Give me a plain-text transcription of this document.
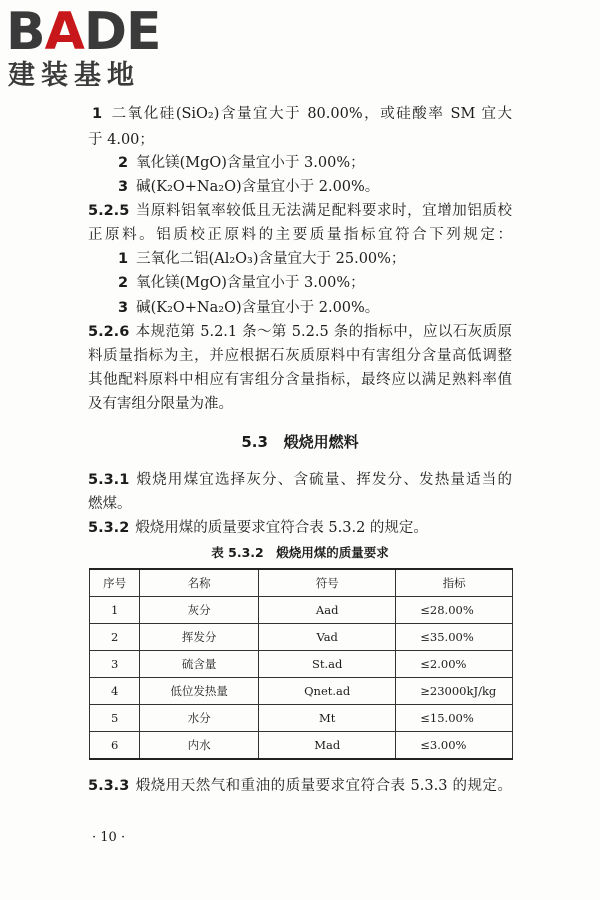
BADE
建装基地
1 二氧化硅(SiO₂)含量宜大于 80.00%，或硅酸率 SM 宜大
于 4.00；
2 氧化镁(MgO)含量宜小于 3.00%；
3 碱(K₂O+Na₂O)含量宜小于 2.00%。
5.2.5 当原料铝氧率较低且无法满足配料要求时，宜增加铝质校
正原料。铝质校正原料的主要质量指标宜符合下列规定：
1 三氧化二铝(Al₂O₃)含量宜大于 25.00%；
2 氧化镁(MgO)含量宜小于 3.00%；
3 碱(K₂O+Na₂O)含量宜小于 2.00%。
5.2.6 本规范第 5.2.1 条～第 5.2.5 条的指标中，应以石灰质原
料质量指标为主，并应根据石灰质原料中有害组分含量高低调整
其他配料原料中相应有害组分含量指标，最终应以满足熟料率值
及有害组分限量为准。
5.3 煅烧用燃料
5.3.1 煅烧用煤宜选择灰分、含硫量、挥发分、发热量适当的
燃煤。
5.3.2 煅烧用煤的质量要求宜符合表 5.3.2 的规定。
表 5.3.2　煅烧用煤的质量要求
序号	名称	符号	指标
1	灰分	Aad	≤28.00%
2	挥发分	Vad	≤35.00%
3	硫含量	St.ad	≤2.00%
4	低位发热量	Qnet.ad	≥23000kJ/kg
5	水分	Mt	≤15.00%
6	内水	Mad	≤3.00%
5.3.3 煅烧用天然气和重油的质量要求宜符合表 5.3.3 的规定。
· 10 ·
